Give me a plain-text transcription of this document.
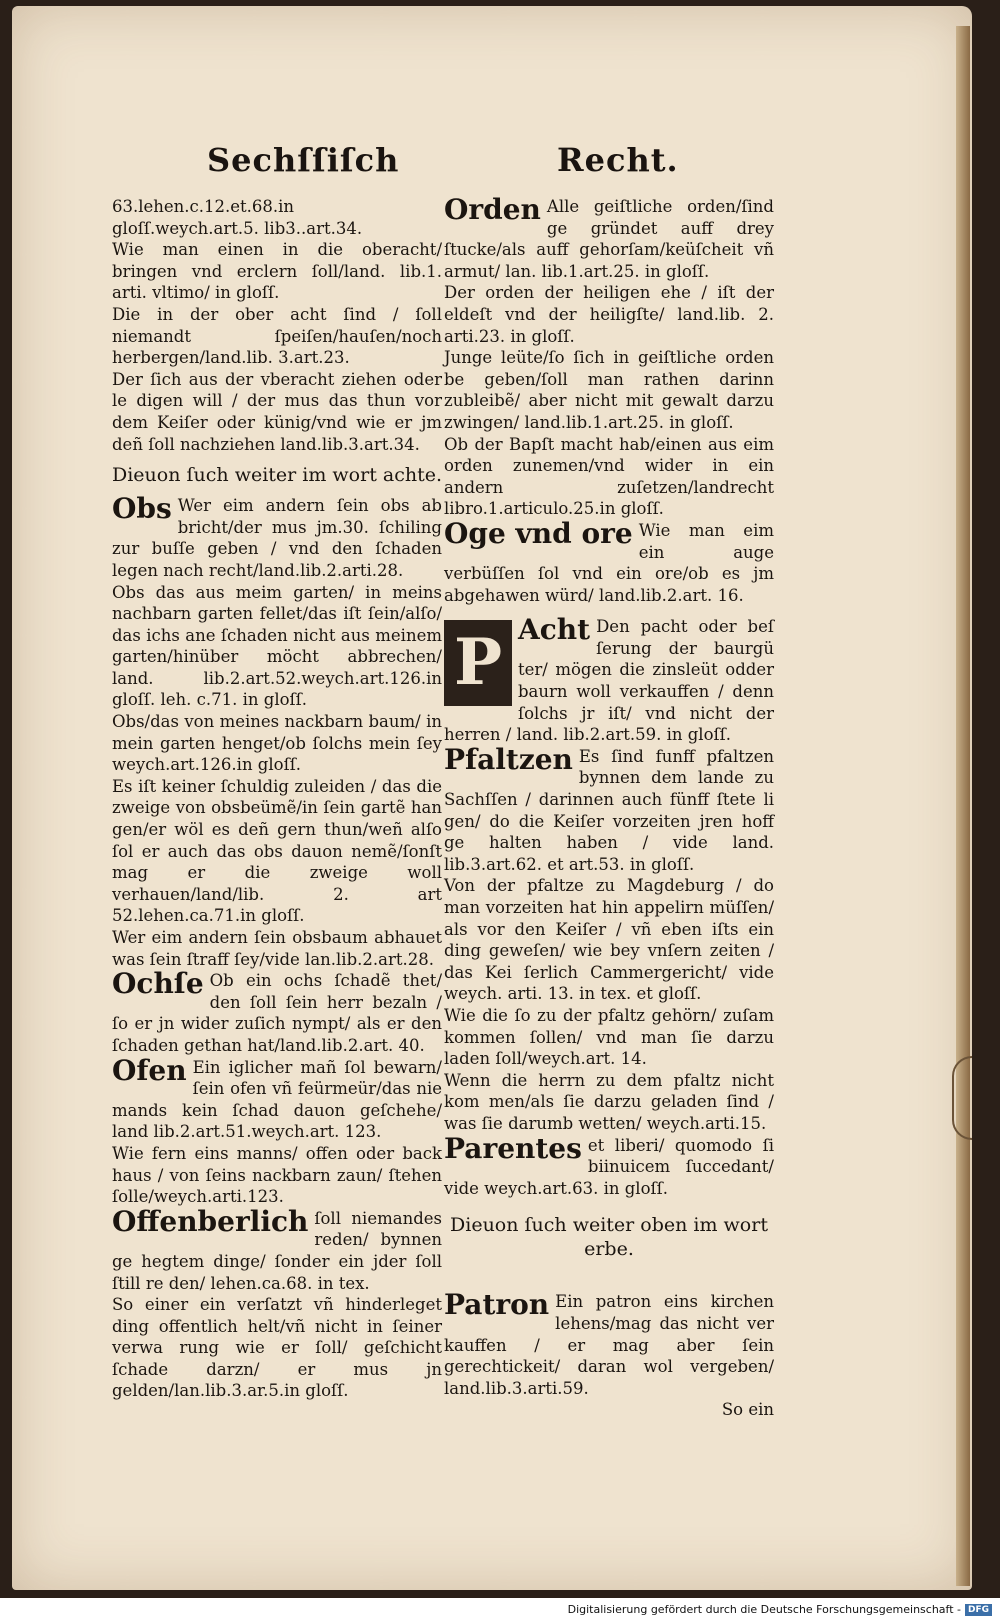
Sechſſiſch	Recht.

63.lehen.c.12.et.68.in gloſſ.weych.art.5. lib3..art.34.

Wie man einen in die oberacht/ bringen vnd erclern ſoll/land. lib.1. arti. vltimo/ in gloſſ.

Die in der ober acht ſind / ſoll niemandt ſpeiſen/hauſen/noch herbergen/land.lib. 3.art.23.

Der ſich aus der vberacht ziehen oder le digen will / der mus das thun vor dem Keiſer oder künig/vnd wie er jm deñ ſoll nachziehen land.lib.3.art.34.

Dieuon ſuch weiter im wort achte.

Obs Wer eim andern ſein obs ab bricht/der mus jm.30. ſchiling zur buſſe geben / vnd den ſchaden legen nach recht/land.lib.2.arti.28.

Obs das aus meim garten/ in meins nachbarn garten fellet/das iſt ſein/alſo/ das ichs ane ſchaden nicht aus meinem garten/hinüber möcht abbrechen/ land. lib.2.art.52.weych.art.126.in gloſſ. leh. c.71. in gloſſ.

Obs/das von meines nackbarn baum/ in mein garten henget/ob ſolchs mein ſey weych.art.126.in gloſſ.

Es iſt keiner ſchuldig zuleiden / das die zweige von obsbeümẽ/in ſein gartẽ han gen/er wöl es deñ gern thun/weñ alſo ſol er auch das obs dauon nemẽ/ſonſt mag er die zweige woll verhauen/land/lib. 2. art 52.lehen.ca.71.in gloſſ.

Wer eim andern ſein obsbaum abhauet was ſein ſtraff ſey/vide lan.lib.2.art.28.

Ochſe Ob ein ochs ſchadẽ thet/ den ſoll ſein herr bezaln / ſo er jn wider zuſich nympt/ als er den ſchaden gethan hat/land.lib.2.art. 40.

Ofen Ein iglicher mañ ſol bewarn/ ſein ofen vñ feürmeür/das nie mands kein ſchad dauon geſchehe/ land lib.2.art.51.weych.art. 123.

Wie fern eins manns/ offen oder back haus / von ſeins nackbarn zaun/ ſtehen ſolle/weych.arti.123.

Offenberlich ſoll niemandes reden/ bynnen ge hegtem dinge/ ſonder ein jder ſoll ſtill re den/ lehen.ca.68. in tex.

So einer ein verſatzt vñ hinderleget ding offentlich helt/vñ nicht in ſeiner verwa rung wie er ſoll/ geſchicht ſchade darzn/ er mus jn gelden/lan.lib.3.ar.5.in gloſſ.

Orden Alle geiſtliche orden/ſind ge gründet auff drey ſtucke/als auff gehorſam/keüſcheit vñ armut/ lan. lib.1.art.25. in gloſſ.

Der orden der heiligen ehe / iſt der eldeſt vnd der heiligſte/ land.lib. 2. arti.23. in gloſſ.

Junge leüte/ſo ſich in geiſtliche orden be geben/ſoll man rathen darinn zubleibẽ/ aber nicht mit gewalt darzu zwingen/ land.lib.1.art.25. in gloſſ.

Ob der Bapſt macht hab/einen aus eim orden zunemen/vnd wider in ein andern zuſetzen/landrecht libro.1.articulo.25.in gloſſ.

Oge vnd ore Wie man eim ein auge verbüſſen ſol vnd ein ore/ob es jm abgehawen würd/ land.lib.2.art. 16.

P Acht Den pacht oder beſ ſerung der baurgü ter/ mögen die zinsleüt odder baurn woll verkauffen / denn ſolchs jr iſt/ vnd nicht der herren / land. lib.2.art.59. in gloſſ.

Pfaltzen Es ſind funff pfaltzen bynnen dem lande zu Sachſſen / darinnen auch fünff ſtete li gen/ do die Keiſer vorzeiten jren hoff ge halten haben / vide land. lib.3.art.62. et art.53. in gloſſ.

Von der pfaltze zu Magdeburg / do man vorzeiten hat hin appelirn müſſen/ als vor den Keiſer / vñ eben iſts ein ding geweſen/ wie bey vnſern zeiten / das Kei ſerlich Cammergericht/ vide weych. arti. 13. in tex. et gloſſ.

Wie die ſo zu der pfaltz gehörn/ zuſam kommen ſollen/ vnd man ſie darzu laden ſoll/weych.art. 14.

Wenn die herrn zu dem pfaltz nicht kom men/als ſie darzu geladen ſind / was ſie darumb wetten/ weych.arti.15.

Parentes et liberi/ quomodo ſi biinuicem ſuccedant/ vide weych.art.63. in gloſſ.

Dieuon ſuch weiter oben im wort erbe.

Patron Ein patron eins kirchen lehens/mag das nicht ver kauffen / er mag aber ſein gerechtickeit/ daran wol vergeben/ land.lib.3.arti.59.

So ein

Digitalisierung gefördert durch die Deutsche Forschungsgemeinschaft - DFG
